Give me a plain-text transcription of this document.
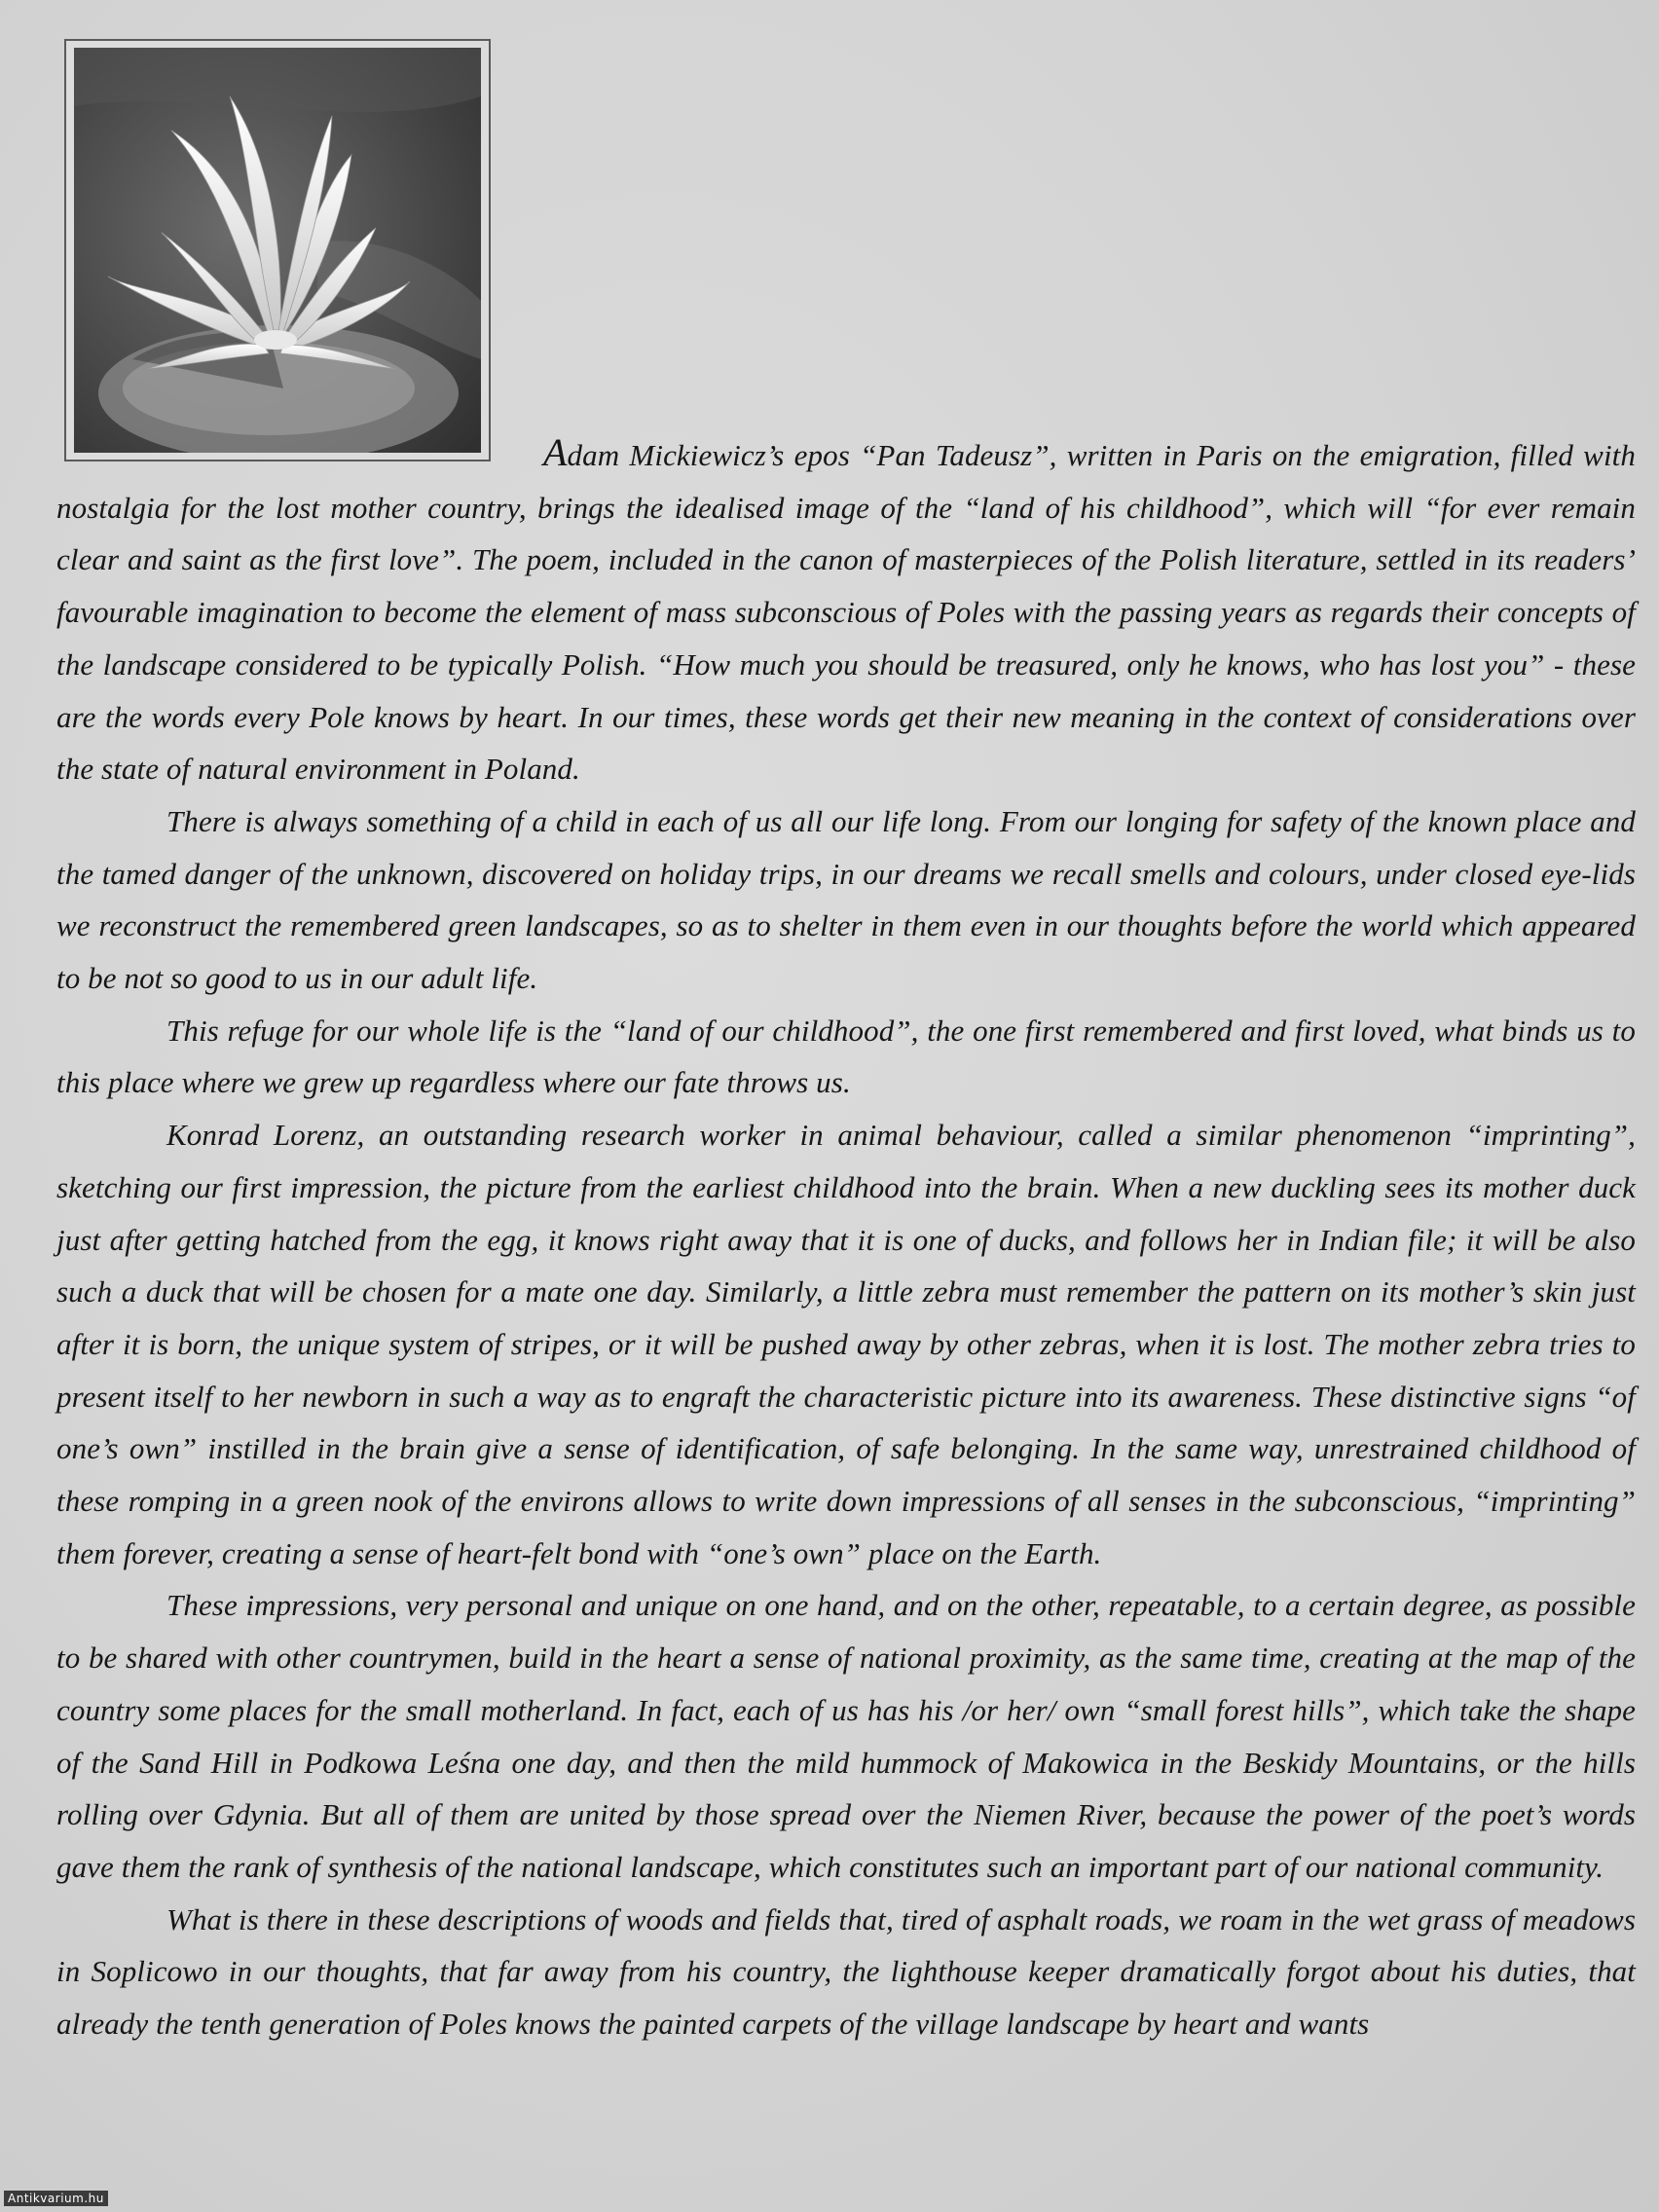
Adam Mickiewicz’s epos “Pan Tadeusz”, written in Paris on the emigration, filled with nostalgia for the lost mother country, brings the idealised image of the “land of his childhood”, which will “for ever remain clear and saint as the first love”. The poem, included in the canon of masterpieces of the Polish literature, settled in its readers’ favourable imagination to become the element of mass subconscious of Poles with the passing years as regards their concepts of the landscape considered to be typically Polish. “How much you should be treasured, only he knows, who has lost you” - these are the words every Pole knows by heart. In our times, these words get their new meaning in the context of considerations over the state of natural environment in Poland.

There is always something of a child in each of us all our life long. From our longing for safety of the known place and the tamed danger of the unknown, discovered on holiday trips, in our dreams we recall smells and colours, under closed eye-lids we reconstruct the remembered green landscapes, so as to shelter in them even in our thoughts before the world which appeared to be not so good to us in our adult life.

This refuge for our whole life is the “land of our childhood”, the one first remembered and first loved, what binds us to this place where we grew up regardless where our fate throws us.

Konrad Lorenz, an outstanding research worker in animal behaviour, called a similar phenomenon “imprinting”, sketching our first impression, the picture from the earliest childhood into the brain. When a new duckling sees its mother duck just after getting hatched from the egg, it knows right away that it is one of ducks, and follows her in Indian file; it will be also such a duck that will be chosen for a mate one day. Similarly, a little zebra must remember the pattern on its mother’s skin just after it is born, the unique system of stripes, or it will be pushed away by other zebras, when it is lost. The mother zebra tries to present itself to her newborn in such a way as to engraft the characteristic picture into its awareness. These distinctive signs “of one’s own” instilled in the brain give a sense of identification, of safe belonging. In the same way, unrestrained childhood of these romping in a green nook of the environs allows to write down impressions of all senses in the subconscious, “imprinting” them forever, creating a sense of heart-felt bond with “one’s own” place on the Earth.

These impressions, very personal and unique on one hand, and on the other, repeatable, to a certain degree, as possible to be shared with other countrymen, build in the heart a sense of national proximity, as the same time, creating at the map of the country some places for the small motherland. In fact, each of us has his /or her/ own “small forest hills”, which take the shape of the Sand Hill in Podkowa Leśna one day, and then the mild hummock of Makowica in the Beskidy Mountains, or the hills rolling over Gdynia. But all of them are united by those spread over the Niemen River, because the power of the poet’s words gave them the rank of synthesis of the national landscape, which constitutes such an important part of our national community.

What is there in these descriptions of woods and fields that, tired of asphalt roads, we roam in the wet grass of meadows in Soplicowo in our thoughts, that far away from his country, the lighthouse keeper dramatically forgot about his duties, that already the tenth generation of Poles knows the painted carpets of the village landscape by heart and wants

Antikvarium.hu
